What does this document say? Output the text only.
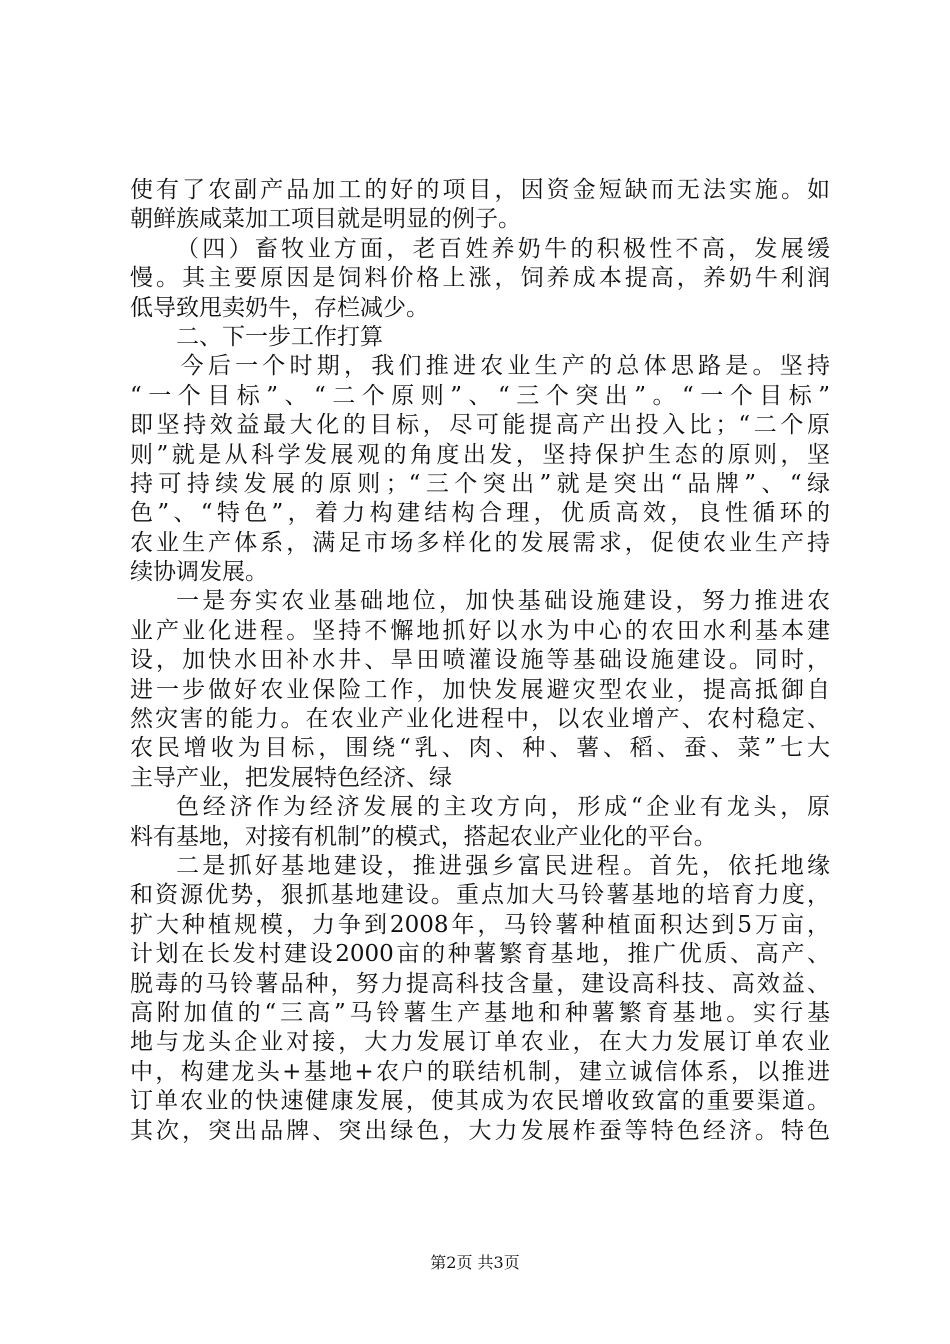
使有了农副产品加工的好的项目，因资金短缺而无法实施。如
朝鲜族咸菜加工项目就是明显的例子。
（四）畜牧业方面，老百姓养奶牛的积极性不高，发展缓
慢。其主要原因是饲料价格上涨，饲养成本提高，养奶牛利润
低导致甩卖奶牛，存栏减少。
二、下一步工作打算
今后一个时期，我们推进农业生产的总体思路是。坚持
“一个目标”、“二个原则”、“三个突出”。“一个目标”
即坚持效益最大化的目标，尽可能提高产出投入比；“二个原
则”就是从科学发展观的角度出发，坚持保护生态的原则，坚
持可持续发展的原则；“三个突出”就是突出“品牌”、“绿
色”、“特色”，着力构建结构合理，优质高效，良性循环的
农业生产体系，满足市场多样化的发展需求，促使农业生产持
续协调发展。
一是夯实农业基础地位，加快基础设施建设，努力推进农
业产业化进程。坚持不懈地抓好以水为中心的农田水利基本建
设，加快水田补水井、旱田喷灌设施等基础设施建设。同时，
进一步做好农业保险工作，加快发展避灾型农业，提高抵御自
然灾害的能力。在农业产业化进程中，以农业增产、农村稳定、
农民增收为目标，围绕“乳、肉、种、薯、稻、蚕、菜”七大
主导产业，把发展特色经济、绿
色经济作为经济发展的主攻方向，形成“企业有龙头，原
料有基地，对接有机制”的模式，搭起农业产业化的平台。
二是抓好基地建设，推进强乡富民进程。首先，依托地缘
和资源优势，狠抓基地建设。重点加大马铃薯基地的培育力度，
扩大种植规模，力争到2008年，马铃薯种植面积达到5万亩，
计划在长发村建设2000亩的种薯繁育基地，推广优质、高产、
脱毒的马铃薯品种，努力提高科技含量，建设高科技、高效益、
高附加值的“三高”马铃薯生产基地和种薯繁育基地。实行基
地与龙头企业对接，大力发展订单农业，在大力发展订单农业
中，构建龙头+基地+农户的联结机制，建立诚信体系，以推进
订单农业的快速健康发展，使其成为农民增收致富的重要渠道。
其次，突出品牌、突出绿色，大力发展柞蚕等特色经济。特色
第2页 共3页
